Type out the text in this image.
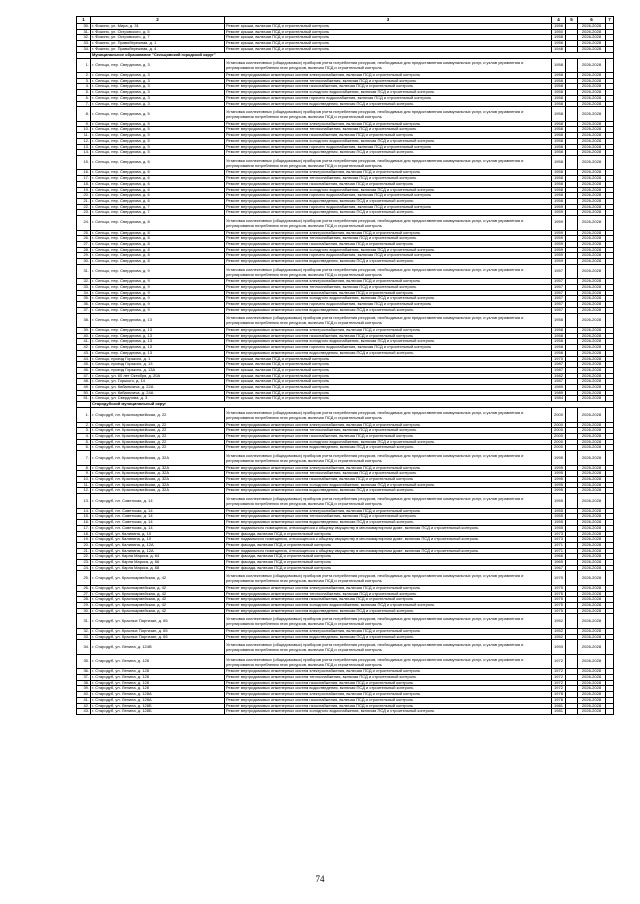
1	2	3	4	5	6	7
30.	г. Фокино, ул. Мира, д. 31	Ремонт крыши, включая ПСД и строительный контроль	1956		2026-2028	
31.	г. Фокино, ул. Островского, д. 5	Ремонт крыши, включая ПСД и строительный контроль	1950		2026-2028	
32.	г. Фокино, ул. Островского, д. 7	Ремонт крыши, включая ПСД и строительный контроль	1958		2026-2028	
33.	г. Фокино, ул. Правобережная, д. 1	Ремонт крыши, включая ПСД и строительный контроль	1956		2026-2028	
34.	г. Фокино, ул. Правобережная, д. 4	Ремонт крыши, включая ПСД и строительный контроль	1948		2026-2028	
	Муниципальное образование "Сельцовский городской округ"					
1.	г. Сельцо, пер. Свердлова, д. 3	Установка коллективных (общедомовых) приборов учета потребления ресурсов, необходимых для предоставления коммунальных услуг, и узлов управления и регулирования потребления этих ресурсов, включая ПСД и строительный контроль	1958		2026-2028	
2.	г. Сельцо, пер. Свердлова, д. 3	Ремонт внутридомовых инженерных систем электроснабжения, включая ПСД и строительный контроль	1958		2026-2028	
3.	г. Сельцо, пер. Свердлова, д. 3	Ремонт внутридомовых инженерных систем теплоснабжения, включая ПСД и строительный контроль	1958		2026-2028	
4.	г. Сельцо, пер. Свердлова, д. 3	Ремонт внутридомовых инженерных систем газоснабжения, включая ПСД и строительный контроль	1958		2026-2028	
5.	г. Сельцо, пер. Свердлова, д. 3	Ремонт внутридомовых инженерных систем холодного водоснабжения, включая ПСД и строительный контроль	1958		2026-2028	
6.	г. Сельцо, пер. Свердлова, д. 3	Ремонт внутридомовых инженерных систем горячего водоснабжения, включая ПСД и строительный контроль	1958		2026-2028	
7.	г. Сельцо, пер. Свердлова, д. 3	Ремонт внутридомовых инженерных систем водоотведения, включая ПСД и строительный контроль	1958		2026-2028	
8.	г. Сельцо, пер. Свердлова, д. 5	Установка коллективных (общедомовых) приборов учета потребления ресурсов, необходимых для предоставления коммунальных услуг, и узлов управления и регулирования потребления этих ресурсов, включая ПСД и строительный контроль	1958		2026-2028	
9.	г. Сельцо, пер. Свердлова, д. 5	Ремонт внутридомовых инженерных систем электроснабжения, включая ПСД и строительный контроль	1958		2026-2028	
10.	г. Сельцо, пер. Свердлова, д. 5	Ремонт внутридомовых инженерных систем теплоснабжения, включая ПСД и строительный контроль	1958		2026-2028	
11.	г. Сельцо, пер. Свердлова, д. 5	Ремонт внутридомовых инженерных систем газоснабжения, включая ПСД и строительный контроль	1958		2026-2028	
12.	г. Сельцо, пер. Свердлова, д. 5	Ремонт внутридомовых инженерных систем холодного водоснабжения, включая ПСД и строительный контроль	1958		2026-2028	
13.	г. Сельцо, пер. Свердлова, д. 5	Ремонт внутридомовых инженерных систем горячего водоснабжения, включая ПСД и строительный контроль	1958		2026-2028	
14.	г. Сельцо, пер. Свердлова, д. 5	Ремонт внутридомовых инженерных систем водоотведения, включая ПСД и строительный контроль	1958		2026-2028	
15.	г. Сельцо, пер. Свердлова, д. 6	Установка коллективных (общедомовых) приборов учета потребления ресурсов, необходимых для предоставления коммунальных услуг, и узлов управления и регулирования потребления этих ресурсов, включая ПСД и строительный контроль	1958		2026-2028	
16.	г. Сельцо, пер. Свердлова, д. 6	Ремонт внутридомовых инженерных систем электроснабжения, включая ПСД и строительный контроль	1958		2026-2028	
17.	г. Сельцо, пер. Свердлова, д. 6	Ремонт внутридомовых инженерных систем теплоснабжения, включая ПСД и строительный контроль	1958		2026-2028	
18.	г. Сельцо, пер. Свердлова, д. 6	Ремонт внутридомовых инженерных систем газоснабжения, включая ПСД и строительный контроль	1958		2026-2028	
19.	г. Сельцо, пер. Свердлова, д. 6	Ремонт внутридомовых инженерных систем холодного водоснабжения, включая ПСД и строительный контроль	1958		2026-2028	
20.	г. Сельцо, пер. Свердлова, д. 6	Ремонт внутридомовых инженерных систем горячего водоснабжения, включая ПСД и строительный контроль	1958		2026-2028	
21.	г. Сельцо, пер. Свердлова, д. 6	Ремонт внутридомовых инженерных систем водоотведения, включая ПСД и строительный контроль	1958		2026-2028	
22.	г. Сельцо, пер. Свердлова, д. 7	Ремонт внутридомовых инженерных систем горячего водоснабжения, включая ПСД и строительный контроль	1959		2026-2028	
23.	г. Сельцо, пер. Свердлова, д. 7	Ремонт внутридомовых инженерных систем водоотведения, включая ПСД и строительный контроль	1959		2026-2028	
24.	г. Сельцо, пер. Свердлова, д. 8	Установка коллективных (общедомовых) приборов учета потребления ресурсов, необходимых для предоставления коммунальных услуг, и узлов управления и регулирования потребления этих ресурсов, включая ПСД и строительный контроль	1959		2026-2028	
25.	г. Сельцо, пер. Свердлова, д. 8	Ремонт внутридомовых инженерных систем электроснабжения, включая ПСД и строительный контроль	1959		2026-2028	
26.	г. Сельцо, пер. Свердлова, д. 8	Ремонт внутридомовых инженерных систем теплоснабжения, включая ПСД и строительный контроль	1959		2026-2028	
27.	г. Сельцо, пер. Свердлова, д. 8	Ремонт внутридомовых инженерных систем газоснабжения, включая ПСД и строительный контроль	1959		2026-2028	
28.	г. Сельцо, пер. Свердлова, д. 8	Ремонт внутридомовых инженерных систем холодного водоснабжения, включая ПСД и строительный контроль	1959		2026-2028	
29.	г. Сельцо, пер. Свердлова, д. 8	Ремонт внутридомовых инженерных систем горячего водоснабжения, включая ПСД и строительный контроль	1959		2026-2028	
30.	г. Сельцо, пер. Свердлова, д. 8	Ремонт внутридомовых инженерных систем водоотведения, включая ПСД и строительный контроль	1959		2026-2028	
31.	г. Сельцо, пер. Свердлова, д. 9	Установка коллективных (общедомовых) приборов учета потребления ресурсов, необходимых для предоставления коммунальных услуг, и узлов управления и регулирования потребления этих ресурсов, включая ПСД и строительный контроль	1957		2026-2028	
32.	г. Сельцо, пер. Свердлова, д. 9	Ремонт внутридомовых инженерных систем электроснабжения, включая ПСД и строительный контроль	1957		2026-2028	
33.	г. Сельцо, пер. Свердлова, д. 9	Ремонт внутридомовых инженерных систем теплоснабжения, включая ПСД и строительный контроль	1957		2026-2028	
34.	г. Сельцо, пер. Свердлова, д. 9	Ремонт внутридомовых инженерных систем газоснабжения, включая ПСД и строительный контроль	1957		2026-2028	
35.	г. Сельцо, пер. Свердлова, д. 9	Ремонт внутридомовых инженерных систем холодного водоснабжения, включая ПСД и строительный контроль	1957		2026-2028	
36.	г. Сельцо, пер. Свердлова, д. 9	Ремонт внутридомовых инженерных систем горячего водоснабжения, включая ПСД и строительный контроль	1957		2026-2028	
37.	г. Сельцо, пер. Свердлова, д. 9	Ремонт внутридомовых инженерных систем водоотведения, включая ПСД и строительный контроль	1957		2026-2028	
38.	г. Сельцо, пер. Свердлова, д. 13	Установка коллективных (общедомовых) приборов учета потребления ресурсов, необходимых для предоставления коммунальных услуг, и узлов управления и регулирования потребления этих ресурсов, включая ПСД и строительный контроль	1958		2026-2028	
39.	г. Сельцо, пер. Свердлова, д. 13	Ремонт внутридомовых инженерных систем электроснабжения, включая ПСД и строительный контроль	1958		2026-2028	
40.	г. Сельцо, пер. Свердлова, д. 13	Ремонт внутридомовых инженерных систем газоснабжения, включая ПСД и строительный контроль	1958		2026-2028	
41.	г. Сельцо, пер. Свердлова, д. 13	Ремонт внутридомовых инженерных систем холодного водоснабжения, включая ПСД и строительный контроль	1958		2026-2028	
42.	г. Сельцо, пер. Свердлова, д. 13	Ремонт внутридомовых инженерных систем горячего водоснабжения, включая ПСД и строительный контроль	1958		2026-2028	
43.	г. Сельцо, пер. Свердлова, д. 13	Ремонт внутридомовых инженерных систем водоотведения, включая ПСД и строительный контроль	1958		2026-2028	
44.	г. Сельцо, проезд Горького, д. 1	Ремонт крыши, включая ПСД и строительный контроль	1970		2026-2028	
45.	г. Сельцо, проезд Горького, д. 13	Ремонт крыши, включая ПСД и строительный контроль	1987		2026-2028	
46.	г. Сельцо, проезд Горького, д. 13А	Ремонт крыши, включая ПСД и строительный контроль	1987		2026-2028	
47.	г. Сельцо, ул. 60 лет Октября, д. 20А	Ремонт крыши, включая ПСД и строительный контроль	1982		2026-2028	
48.	г. Сельцо, ул. Горького, д. 14	Ремонт крыши, включая ПСД и строительный контроль	1987		2026-2028	
49.	г. Сельцо, ул. Кибальчича, д. 22А	Ремонт крыши, включая ПСД и строительный контроль	1989		2026-2028	
50.	г. Сельцо, ул. Кибальчича, д. 24А	Ремонт крыши, включая ПСД и строительный контроль	1989		2026-2028	
51.	г. Сельцо, ул. Свердлова, д. 3	Ремонт крыши, включая ПСД и строительный контроль	1984		2026-2028	
	Стародубский муниципальный округ					
1.	г. Стародуб, пл. Красноармейская, д. 22	Установка коллективных (общедомовых) приборов учета потребления ресурсов, необходимых для предоставления коммунальных услуг, и узлов управления и регулирования потребления этих ресурсов, включая ПСД и строительный контроль	2000		2026-2028	
2.	г. Стародуб, пл. Красноармейская, д. 22	Ремонт внутридомовых инженерных систем электроснабжения, включая ПСД и строительный контроль	2000		2026-2028	
3.	г. Стародуб, пл. Красноармейская, д. 22	Ремонт внутридомовых инженерных систем теплоснабжения, включая ПСД и строительный контроль	2000		2026-2028	
4.	г. Стародуб, пл. Красноармейская, д. 22	Ремонт внутридомовых инженерных систем газоснабжения, включая ПСД и строительный контроль	2000		2026-2028	
5.	г. Стародуб, пл. Красноармейская, д. 22	Ремонт внутридомовых инженерных систем холодного водоснабжения, включая ПСД и строительный контроль	2000		2026-2028	
6.	г. Стародуб, пл. Красноармейская, д. 22	Ремонт внутридомовых инженерных систем водоотведения, включая ПСД и строительный контроль	2000		2026-2028	
7.	г. Стародуб, пл. Красноармейская, д. 32А	Установка коллективных (общедомовых) приборов учета потребления ресурсов, необходимых для предоставления коммунальных услуг, и узлов управления и регулирования потребления этих ресурсов, включая ПСД и строительный контроль	1995		2026-2028	
8.	г. Стародуб, пл. Красноармейская, д. 32А	Ремонт внутридомовых инженерных систем электроснабжения, включая ПСД и строительный контроль	1995		2026-2028	
9.	г. Стародуб, пл. Красноармейская, д. 32А	Ремонт внутридомовых инженерных систем теплоснабжения, включая ПСД и строительный контроль	1995		2026-2028	
10.	г. Стародуб, пл. Красноармейская, д. 32А	Ремонт внутридомовых инженерных систем газоснабжения, включая ПСД и строительный контроль	1995		2026-2028	
11.	г. Стародуб, пл. Красноармейская, д. 32А	Ремонт внутридомовых инженерных систем холодного водоснабжения, включая ПСД и строительный контроль	1995		2026-2028	
12.	г. Стародуб, пл. Красноармейская, д. 32А	Ремонт внутридомовых инженерных систем водоотведения, включая ПСД и строительный контроль	1995		2026-2028	
13.	г. Стародуб, пл. Советская, д. 14	Установка коллективных (общедомовых) приборов учета потребления ресурсов, необходимых для предоставления коммунальных услуг, и узлов управления и регулирования потребления этих ресурсов, включая ПСД и строительный контроль	1955		2026-2028	
14.	г. Стародуб, пл. Советская, д. 14	Ремонт внутридомовых инженерных систем электроснабжения, включая ПСД и строительный контроль	1955		2026-2028	
15.	г. Стародуб, пл. Советская, д. 14	Ремонт внутридомовых инженерных систем теплоснабжения, включая ПСД и строительный контроль	1955		2026-2028	
16.	г. Стародуб, пл. Советская, д. 14	Ремонт внутридомовых инженерных систем водоотведения, включая ПСД и строительный контроль	1955		2026-2028	
17.	г. Стародуб, пл. Советская, д. 14	Ремонт подвального помещения, относящегося к общему имуществу в многоквартирном доме, включая ПСД и строительный контроль	1955		2026-2028	
18.	г. Стародуб, ул. Калинина, д. 10	Ремонт фасада, включая ПСД и строительный контроль	1973		2026-2028	
19.	г. Стародуб, ул. Калинина, д. 10	Ремонт подвального помещения, относящегося к общему имуществу в многоквартирном доме, включая ПСД и строительный контроль	1973		2026-2028	
20.	г. Стародуб, ул. Калинина, д. 12А	Ремонт фасада, включая ПСД и строительный контроль	1971		2026-2028	
21.	г. Стародуб, ул. Калинина, д. 12А	Ремонт подвального помещения, относящегося к общему имуществу в многоквартирном доме, включая ПСД и строительный контроль	1971		2026-2028	
22.	г. Стародуб, ул. Карла Маркса, д. 64	Ремонт фасада, включая ПСД и строительный контроль	1966		2026-2028	
23.	г. Стародуб, ул. Карла Маркса, д. 66	Ремонт фасада, включая ПСД и строительный контроль	1965		2026-2028	
24.	г. Стародуб, ул. Карла Маркса, д. 68	Ремонт фасада, включая ПСД и строительный контроль	1967		2026-2028	
25.	г. Стародуб, ул. Красноармейская, д. 42	Установка коллективных (общедомовых) приборов учета потребления ресурсов, необходимых для предоставления коммунальных услуг, и узлов управления и регулирования потребления этих ресурсов, включая ПСД и строительный контроль	1975		2026-2028	
26.	г. Стародуб, ул. Красноармейская, д. 42	Ремонт внутридомовых инженерных систем электроснабжения, включая ПСД и строительный контроль	1975		2026-2028	
27.	г. Стародуб, ул. Красноармейская, д. 42	Ремонт внутридомовых инженерных систем теплоснабжения, включая ПСД и строительный контроль	1975		2026-2028	
28.	г. Стародуб, ул. Красноармейская, д. 42	Ремонт внутридомовых инженерных систем газоснабжения, включая ПСД и строительный контроль	1975		2026-2028	
29.	г. Стародуб, ул. Красноармейская, д. 42	Ремонт внутридомовых инженерных систем холодного водоснабжения, включая ПСД и строительный контроль	1975		2026-2028	
30.	г. Стародуб, ул. Красноармейская, д. 42	Ремонт внутридомовых инженерных систем водоотведения, включая ПСД и строительный контроль	1975		2026-2028	
31.	г. Стародуб, ул. Красных Партизан, д. 65	Установка коллективных (общедомовых) приборов учета потребления ресурсов, необходимых для предоставления коммунальных услуг, и узлов управления и регулирования потребления этих ресурсов, включая ПСД и строительный контроль	1952		2026-2028	
32.	г. Стародуб, ул. Красных Партизан, д. 65	Ремонт внутридомовых инженерных систем электроснабжения, включая ПСД и строительный контроль	1952		2026-2028	
33.	г. Стародуб, ул. Красных Партизан, д. 65	Ремонт внутридомовых инженерных систем водоотведения, включая ПСД и строительный контроль	1952		2026-2028	
34.	г. Стародуб, ул. Ленина, д. 124В	Установка коллективных (общедомовых) приборов учета потребления ресурсов, необходимых для предоставления коммунальных услуг, и узлов управления и регулирования потребления этих ресурсов, включая ПСД и строительный контроль	1993		2026-2028	
35.	г. Стародуб, ул. Ленина, д. 128	Установка коллективных (общедомовых) приборов учета потребления ресурсов, необходимых для предоставления коммунальных услуг, и узлов управления и регулирования потребления этих ресурсов, включая ПСД и строительный контроль	1972		2026-2028	
36.	г. Стародуб, ул. Ленина, д. 128	Ремонт внутридомовых инженерных систем электроснабжения, включая ПСД и строительный контроль	1972		2026-2028	
37.	г. Стародуб, ул. Ленина, д. 128	Ремонт внутридомовых инженерных систем теплоснабжения, включая ПСД и строительный контроль	1972		2026-2028	
38.	г. Стародуб, ул. Ленина, д. 128	Ремонт внутридомовых инженерных систем газоснабжения, включая ПСД и строительный контроль	1972		2026-2028	
39.	г. Стародуб, ул. Ленина, д. 128	Ремонт внутридомовых инженерных систем водоотведения, включая ПСД и строительный контроль	1972		2026-2028	
40.	г. Стародуб, ул. Ленина, д. 128А	Ремонт внутридомовых инженерных систем электроснабжения, включая ПСД и строительный контроль	1978		2026-2028	
41.	г. Стародуб, ул. Ленина, д. 128А	Ремонт внутридомовых инженерных систем газоснабжения, включая ПСД и строительный контроль	1978		2026-2028	
42.	г. Стародуб, ул. Ленина, д. 128Б	Ремонт внутридомовых инженерных систем газоснабжения, включая ПСД и строительный контроль	1981		2026-2028	
43.	г. Стародуб, ул. Ленина, д. 128Б	Ремонт внутридомовых инженерных систем холодного водоснабжения, включая ПСД и строительный контроль	1981		2026-2028	
74
